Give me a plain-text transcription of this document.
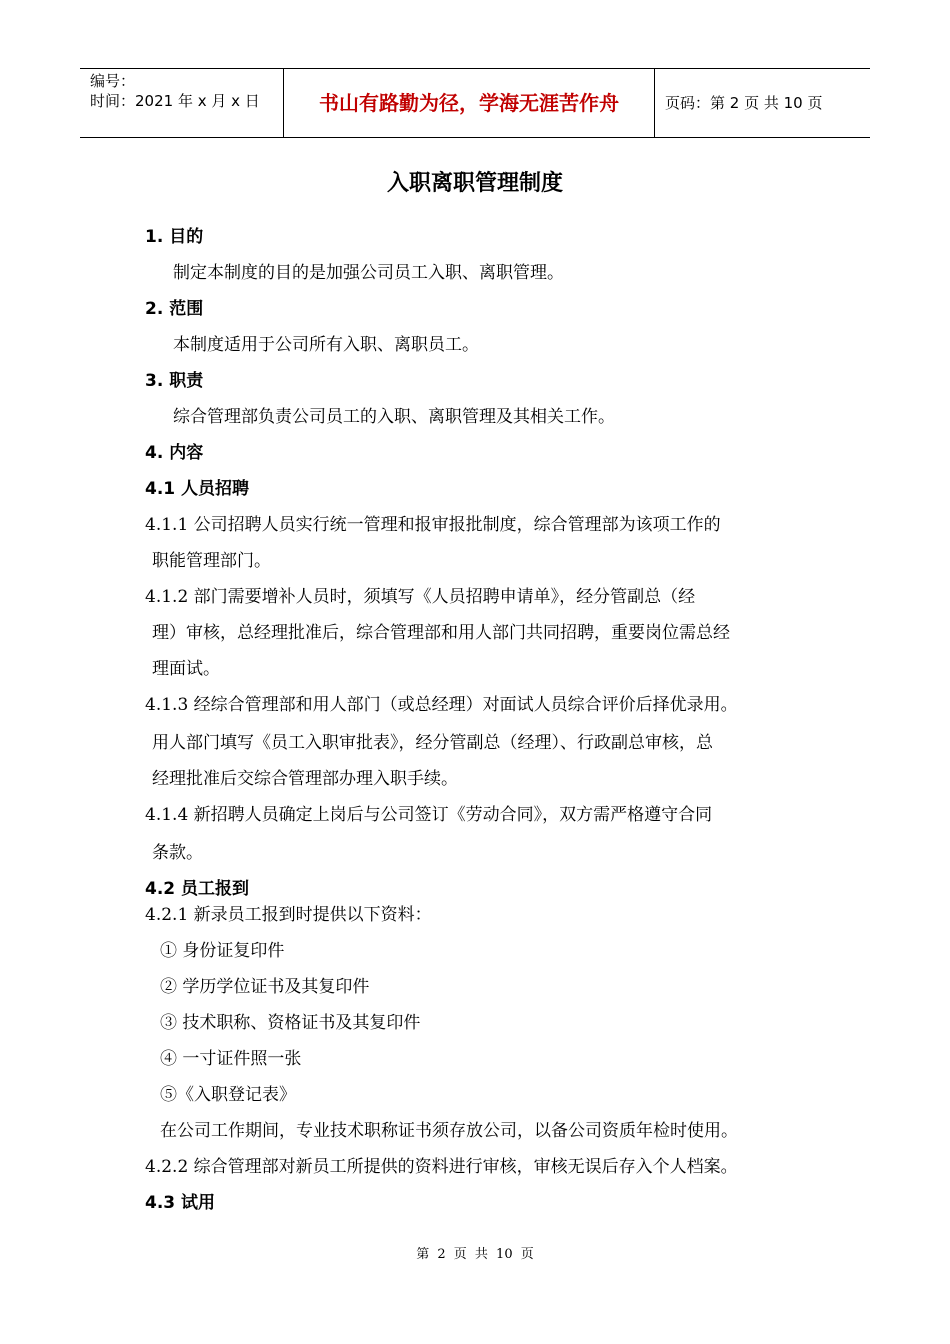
编号：
时间：2021 年 x 月 x 日	书山有路勤为径，学海无涯苦作舟	页码：第 2 页 共 10 页
入职离职管理制度
1. 目的
制定本制度的目的是加强公司员工入职、离职管理。
2. 范围
本制度适用于公司所有入职、离职员工。
3. 职责
综合管理部负责公司员工的入职、离职管理及其相关工作。
4. 内容
4.1 人员招聘
4.1.1 公司招聘人员实行统一管理和报审报批制度，综合管理部为该项工作的
职能管理部门。
4.1.2 部门需要增补人员时，须填写《人员招聘申请单》，经分管副总（经
理）审核，总经理批准后，综合管理部和用人部门共同招聘，重要岗位需总经
理面试。
4.1.3 经综合管理部和用人部门（或总经理）对面试人员综合评价后择优录用。
用人部门填写《员工入职审批表》，经分管副总（经理）、行政副总审核，总
经理批准后交综合管理部办理入职手续。
4.1.4 新招聘人员确定上岗后与公司签订《劳动合同》，双方需严格遵守合同
条款。
4.2 员工报到
4.2.1 新录员工报到时提供以下资料：
① 身份证复印件
② 学历学位证书及其复印件
③ 技术职称、资格证书及其复印件
④ 一寸证件照一张
⑤《入职登记表》
在公司工作期间，专业技术职称证书须存放公司，以备公司资质年检时使用。
4.2.2 综合管理部对新员工所提供的资料进行审核，审核无误后存入个人档案。
4.3 试用
第 2 页 共 10 页
